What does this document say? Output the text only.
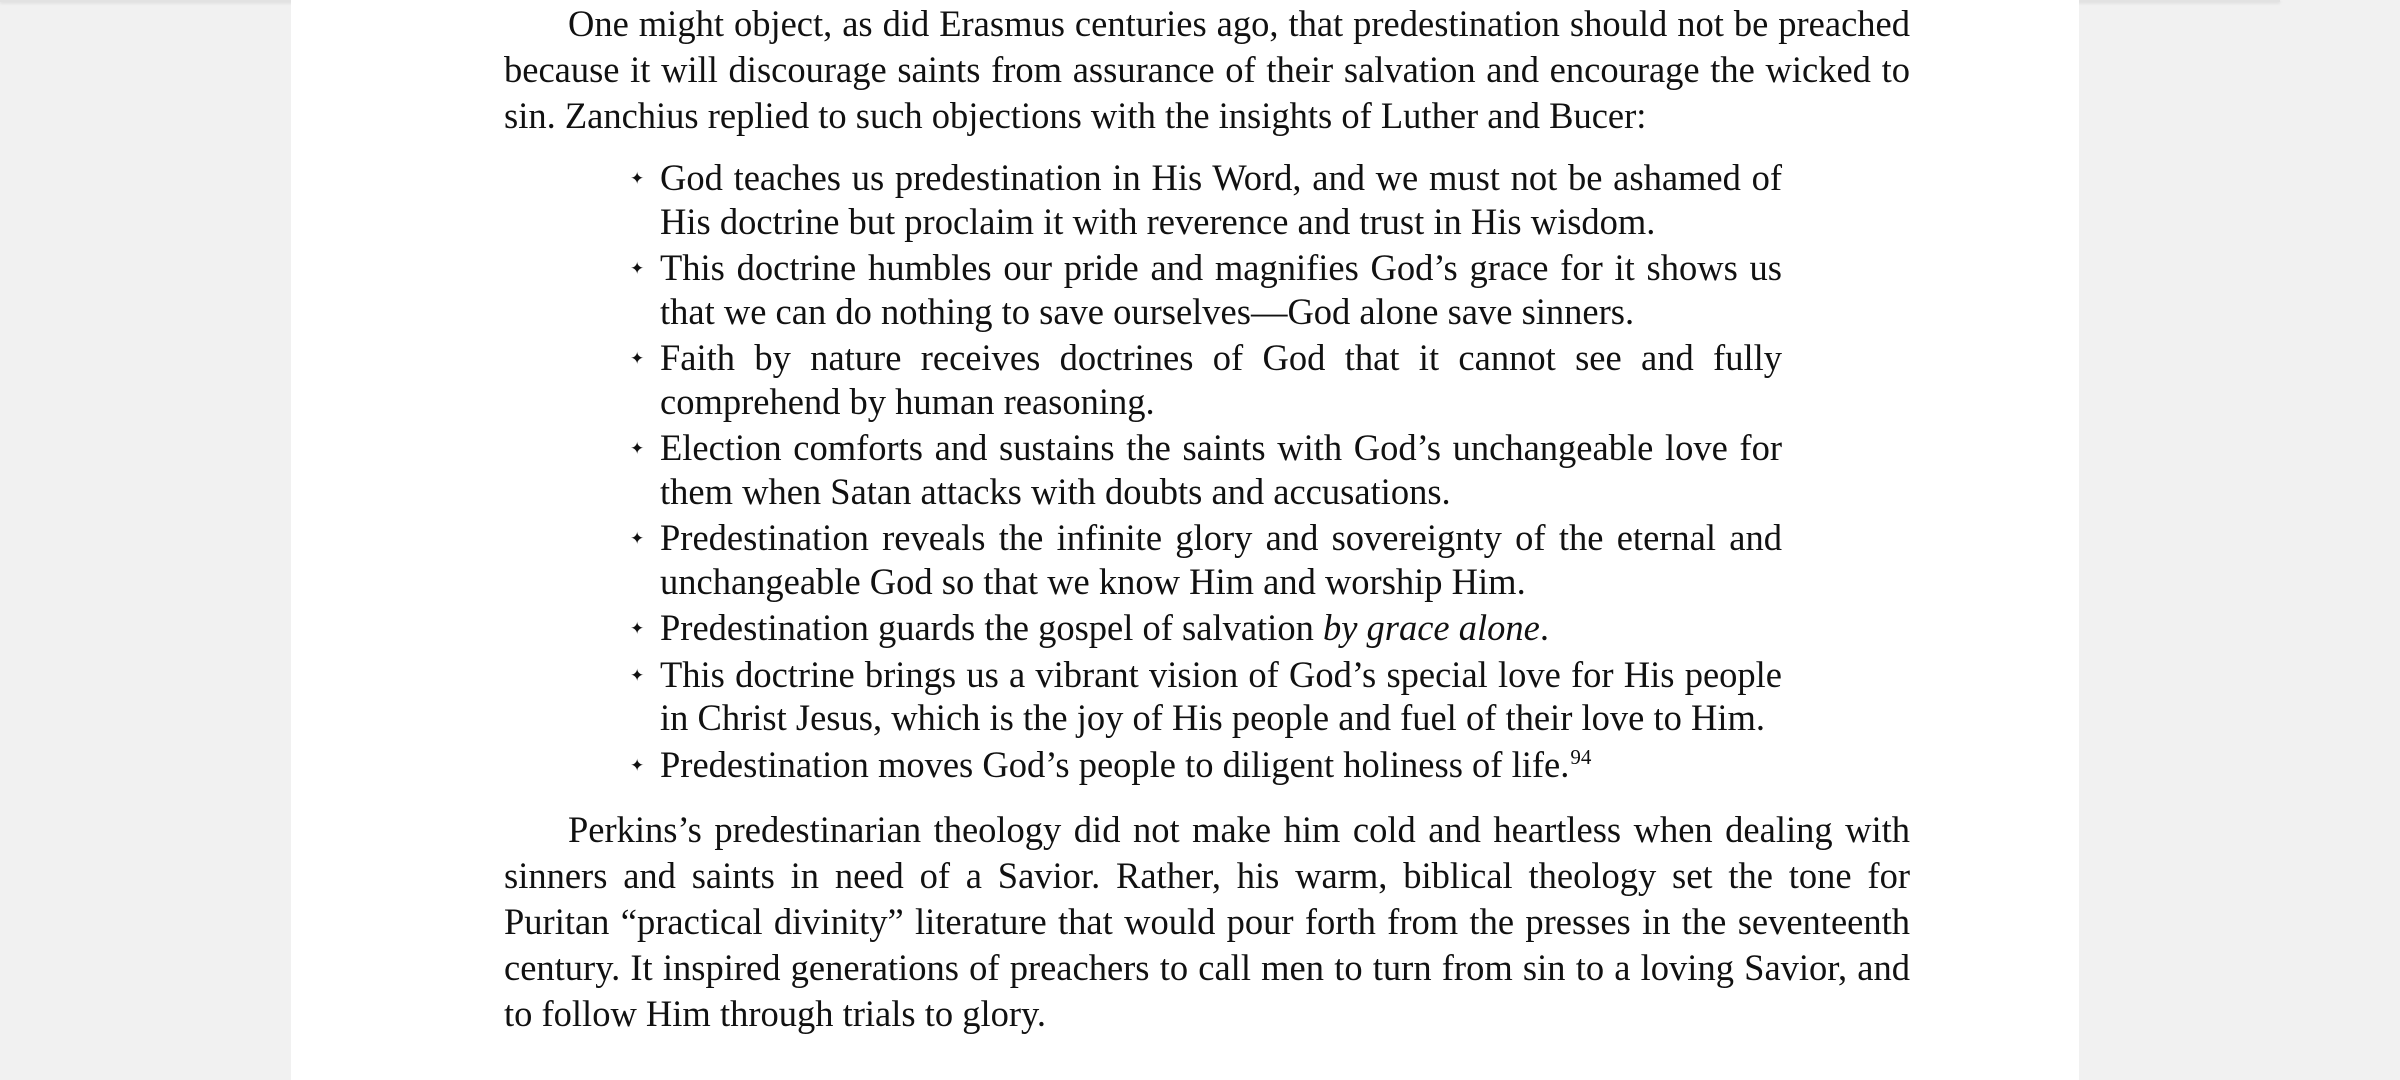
One might object, as did Erasmus centuries ago, that predestination should not be preached because it will discourage saints from assurance of their salvation and encourage the wicked to sin. Zanchius replied to such objections with the insights of Luther and Bucer:

✦ God teaches us predestination in His Word, and we must not be ashamed of His doctrine but proclaim it with reverence and trust in His wisdom.
✦ This doctrine humbles our pride and magnifies God’s grace for it shows us that we can do nothing to save ourselves—God alone save sinners.
✦ Faith by nature receives doctrines of God that it cannot see and fully comprehend by human reasoning.
✦ Election comforts and sustains the saints with God’s unchangeable love for them when Satan attacks with doubts and accusations.
✦ Predestination reveals the infinite glory and sovereignty of the eternal and unchangeable God so that we know Him and worship Him.
✦ Predestination guards the gospel of salvation by grace alone.
✦ This doctrine brings us a vibrant vision of God’s special love for His people in Christ Jesus, which is the joy of His people and fuel of their love to Him.
✦ Predestination moves God’s people to diligent holiness of life.$^{94}$

Perkins’s predestinarian theology did not make him cold and heartless when dealing with sinners and saints in need of a Savior. Rather, his warm, biblical theology set the tone for Puritan “practical divinity” literature that would pour forth from the presses in the seventeenth century. It inspired generations of preachers to call men to turn from sin to a loving Savior, and to follow Him through trials to glory.
